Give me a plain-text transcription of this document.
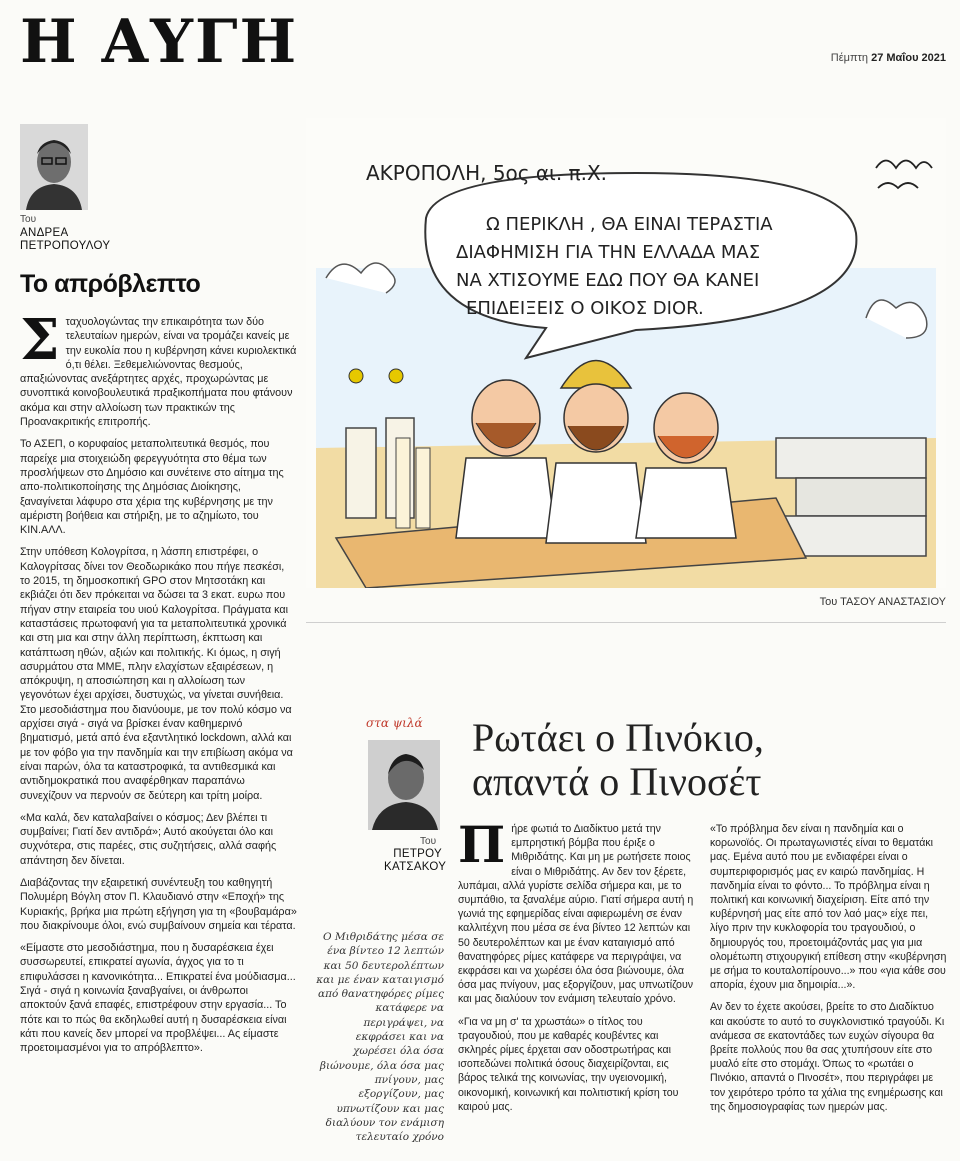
Η ΑΥΓΗ	Πέμπτη 27 Μαΐου 2021
Του
ΑΝΔΡΕΑ ΠΕΤΡΟΠΟΥΛΟΥ
Το απρόβλεπτο

Σταχυολογώντας την επικαιρότητα των δύο τελευταίων ημερών, είναι να τρομάζει κανείς με την ευκολία που η κυβέρνηση κάνει κυριολεκτικά ό,τι θέλει. Ξεθεμελιώνοντας θεσμούς, απαξιώνοντας ανεξάρτητες αρχές, προχωρώντας με συνοπτικά κοινοβουλευτικά πραξικοπήματα που φτάνουν ακόμα και στην αλλοίωση των πρακτικών της Προανακριτικής επιτροπής.

Το ΑΣΕΠ, ο κορυφαίος μεταπολιτευτικά θεσμός, που παρείχε μια στοιχειώδη φερεγγυότητα στο θέμα των προσλήψεων στο Δημόσιο και συνέτεινε στο αίτημα της απο-πολιτικοποίησης της Δημόσιας Διοίκησης, ξαναγίνεται λάφυρο στα χέρια της κυβέρνησης με την αμέριστη βοήθεια και στήριξη, με το αζημίωτο, του ΚΙΝ.ΑΛΛ.

Στην υπόθεση Κολογρίτσα, η λάσπη επιστρέφει, ο Καλογρίτσας δίνει τον Θεοδωρικάκο που πήγε πεσκέσι, το 2015, τη δημοσκοπική GPO στον Μητσοτάκη και εκβιάζει ότι δεν πρόκειται να δώσει τα 3 εκατ. ευρω που πήγαν στην εταιρεία του υιού Καλογρίτσα. Πράγματα και καταστάσεις πρωτοφανή για τα μεταπολιτευτικά χρονικά και στη μια και στην άλλη περίπτωση, έκπτωση και κατάπτωση ηθών, αξιών και πολιτικής. Κι όμως, η σιγή ασυρμάτου στα ΜΜΕ, πλην ελαχίστων εξαιρέσεων, η απόκρυψη, η αποσιώπηση και η αλλοίωση των γεγονότων έχει αρχίσει, δυστυχώς, να γίνεται συνήθεια. Στο μεσοδιάστημα που διανύουμε, με τον πολύ κόσμο να αρχίσει σιγά - σιγά να βρίσκει έναν καθημερινό βηματισμό, μετά από ένα εξαντλητικό lockdown, αλλά και με τον φόβο για την πανδημία και την επιβίωση ακόμα να είναι παρών, όλα τα καταστροφικά, τα αντιθεσμικά και αντιδημοκρατικά που αναφέρθηκαν παραπάνω συνεχίζουν να περνούν σε δεύτερη και τρίτη μοίρα.

«Μα καλά, δεν καταλαβαίνει ο κόσμος; Δεν βλέπει τι συμβαίνει; Γιατί δεν αντιδρά»; Αυτό ακούγεται όλο και συχνότερα, στις παρέες, στις συζητήσεις, αλλά σαφής απάντηση δεν δίνεται.

Διαβάζοντας την εξαιρετική συνέντευξη του καθηγητή Πολυμέρη Βόγλη στον Π. Κλαυδιανό στην «Εποχή» της Κυριακής, βρήκα μια πρώτη εξήγηση για τη «βουβαμάρα» που διακρίνουμε όλοι, ενώ συμβαίνουν σημεία και τέρατα.

«Είμαστε στο μεσοδιάστημα, που η δυσαρέσκεια έχει συσσωρευτεί, επικρατεί αγωνία, άγχος για το τι επιφυλάσσει η κανονικότητα... Επικρατεί ένα μούδιασμα... Σιγά - σιγά η κοινωνία ξαναβγαίνει, οι άνθρωποι αποκτούν ξανά επαφές, επιστρέφουν στην εργασία... Το πότε και το πώς θα εκδηλωθεί αυτή η δυσαρέσκεια είναι κάτι που κανείς δεν μπορεί να προβλέψει... Ας είμαστε προετοιμασμένοι για το απρόβλεπτο».

ΑΚΡΟΠΟΛΗ, 5ος αι. π.Χ.
Ω ΠΕΡΙΚΛΗ , ΘΑ ΕΙΝΑΙ ΤΕΡΑΣΤΙΑ
ΔΙΑΦΗΜΙΣΗ ΓΙΑ ΤΗΝ ΕΛΛΑΔΑ ΜΑΣ
ΝΑ ΧΤΙΣΟΥΜΕ ΕΔΩ ΠΟΥ ΘΑ ΚΑΝΕΙ
ΕΠΙΔΕΙΞΕΙΣ Ο ΟΙΚΟΣ DIOR.
Του ΤΑΣΟΥ ΑΝΑΣΤΑΣΙΟΥ
στα ψιλά Ρωτάει ο Πινόκιο,
απαντά ο Πινοσέτ
Του
ΠΕΤΡΟΥ ΚΑΤΣΑΚΟΥ
Ο Μιθριδάτης μέσα σε ένα βίντεο 12 λεπτών και 50 δευτερολέπτων και με έναν καταιγισμό από θανατηφόρες ρίμες κατάφερε να περιγράψει, να εκφράσει και να χωρέσει όλα όσα βιώνουμε, όλα όσα μας πνίγουν, μας εξοργίζουν, μας υπνωτίζουν και μας διαλύουν τον ενάμιση τελευταίο χρόνο

Πήρε φωτιά το Διαδίκτυο μετά την εμπρηστική βόμβα που έριξε ο Μιθριδάτης. Και μη με ρωτήσετε ποιος είναι ο Μιθριδάτης. Αν δεν τον ξέρετε, λυπάμαι, αλλά γυρίστε σελίδα σήμερα και, με το συμπάθιο, τα ξαναλέμε αύριο. Γιατί σήμερα αυτή η γωνιά της εφημερίδας είναι αφιερωμένη σε έναν καλλιτέχνη που μέσα σε ένα βίντεο 12 λεπτών και 50 δευτερολέπτων και με έναν καταιγισμό από θανατηφόρες ρίμες κατάφερε να περιγράψει, να εκφράσει και να χωρέσει όλα όσα βιώνουμε, όλα όσα μας πνίγουν, μας εξοργίζουν, μας υπνωτίζουν και μας διαλύουν τον ενάμιση τελευταίο χρόνο.

«Για να μη σ' τα χρωστάω» ο τίτλος του τραγουδιού, που με καθαρές κουβέντες και σκληρές ρίμες έρχεται σαν οδοστρωτήρας και ισοπεδώνει πολιτικά όσους διαχειρίζονται, εις βάρος τελικά της κοινωνίας, την υγειονομική, οικονομική, κοινωνική και πολιτιστική κρίση του καιρού μας.

«Το πρόβλημα δεν είναι η πανδημία και ο κορωνοϊός. Οι πρωταγωνιστές είναι το θεματάκι μας. Εμένα αυτό που με ενδιαφέρει είναι ο συμπεριφορισμός μας εν καιρώ πανδημίας. Η πανδημία είναι το φόντο... Το πρόβλημα είναι η πολιτική και κοινωνική διαχείριση. Είτε από την κυβέρνησή μας είτε από τον λαό μας» είχε πει, λίγο πριν την κυκλοφορία του τραγουδιού, ο δημιουργός του, προετοιμάζοντάς μας για μια ολομέτωπη στιχουργική επίθεση στην «κυβέρνηση με σήμα το κουταλοπίρουνο...» που «για κάθε σου απορία, έχουν μια δημοιρία...».

Αν δεν το έχετε ακούσει, βρείτε το στο Διαδίκτυο και ακούστε το αυτό το συγκλονιστικό τραγούδι. Κι ανάμεσα σε εκατοντάδες των ευχών σίγουρα θα βρείτε πολλούς που θα σας χτυπήσουν είτε στο μυαλό είτε στο στομάχι. Όπως το «ρωτάει ο Πινόκιο, απαντά ο Πινοσέτ», που περιγράφει με τον χειρότερο τρόπο τα χάλια της ενημέρωσης και της δημοσιογραφίας των ημερών μας.
